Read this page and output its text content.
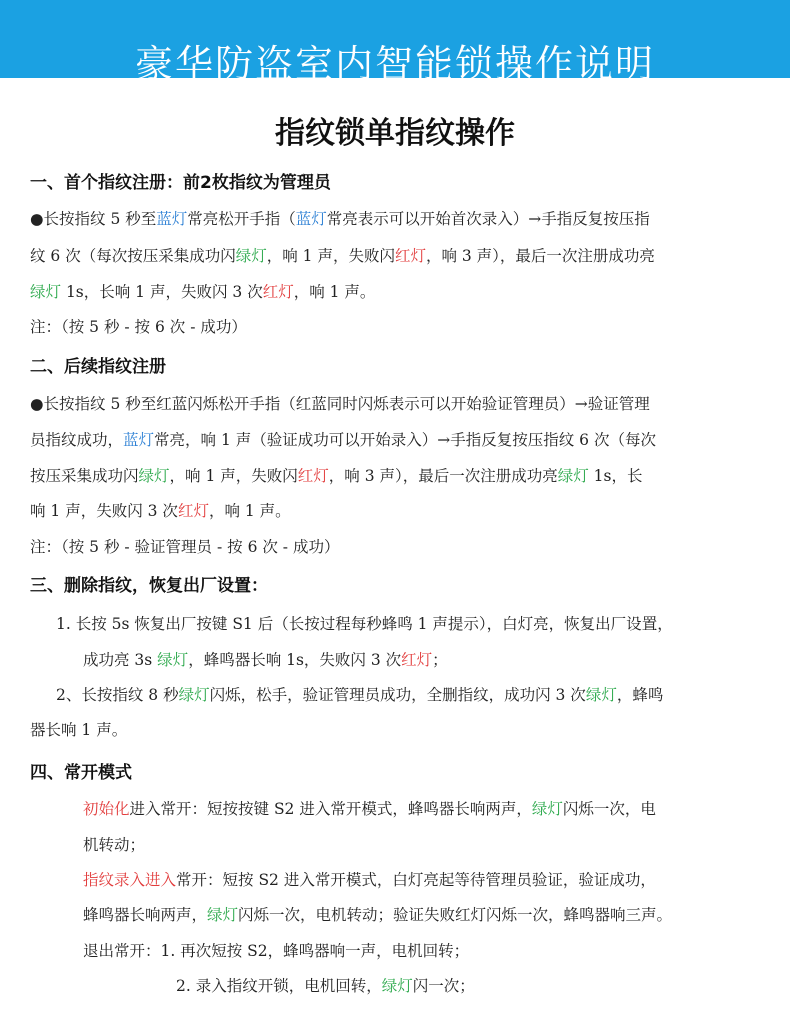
豪华防盗室内智能锁操作说明
指纹锁单指纹操作
一、首个指纹注册：前2枚指纹为管理员
●长按指纹 5 秒至蓝灯常亮松开手指（蓝灯常亮表示可以开始首次录入）→手指反复按压指
纹 6 次（每次按压采集成功闪绿灯，响 1 声，失败闪红灯，响 3 声），最后一次注册成功亮
绿灯 1s，长响 1 声，失败闪 3 次红灯，响 1 声。
注：（按 5 秒 - 按 6 次 - 成功）
二、后续指纹注册
●长按指纹 5 秒至红蓝闪烁松开手指（红蓝同时闪烁表示可以开始验证管理员）→验证管理
员指纹成功，蓝灯常亮，响 1 声（验证成功可以开始录入）→手指反复按压指纹 6 次（每次
按压采集成功闪绿灯，响 1 声，失败闪红灯，响 3 声），最后一次注册成功亮绿灯 1s，长
响 1 声，失败闪 3 次红灯，响 1 声。
注：（按 5 秒 - 验证管理员 - 按 6 次 - 成功）
三、删除指纹，恢复出厂设置：
1. 长按 5s 恢复出厂按键 S1 后（长按过程每秒蜂鸣 1 声提示），白灯亮，恢复出厂设置，
成功亮 3s 绿灯，蜂鸣器长响 1s，失败闪 3 次红灯；
2、长按指纹 8 秒绿灯闪烁，松手，验证管理员成功，全删指纹，成功闪 3 次绿灯，蜂鸣
器长响 1 声。
四、常开模式
初始化进入常开：短按按键 S2 进入常开模式，蜂鸣器长响两声，绿灯闪烁一次，电
机转动；
指纹录入进入常开：短按 S2 进入常开模式，白灯亮起等待管理员验证，验证成功，
蜂鸣器长响两声，绿灯闪烁一次，电机转动；验证失败红灯闪烁一次，蜂鸣器响三声。
退出常开：1. 再次短按 S2，蜂鸣器响一声，电机回转；
2. 录入指纹开锁，电机回转，绿灯闪一次；
